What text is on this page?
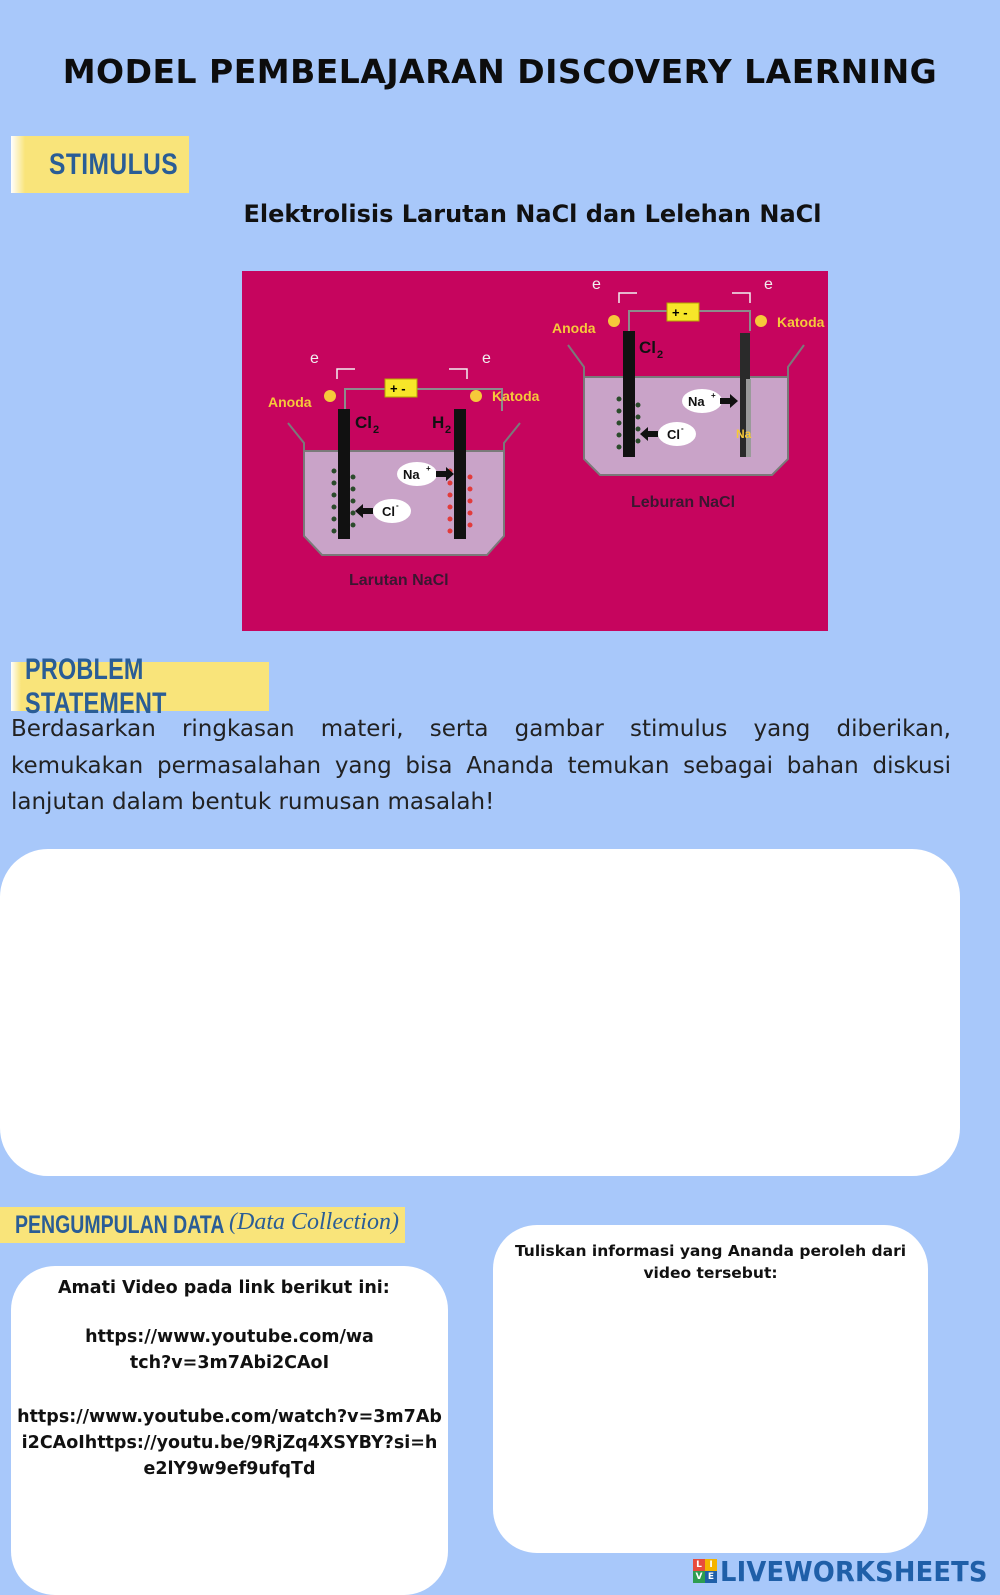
MODEL PEMBELAJARAN DISCOVERY LAERNING
STIMULUS
Elektrolisis Larutan NaCl dan Lelehan NaCl
+ -
Anoda	Katoda
e	e
Cl 2	H 2
Na +
Cl -
Larutan NaCl
+ -
Anoda	Katoda
e	e
Cl 2
Na +
Cl -	Na
Leburan NaCl
PROBLEM STATEMENT
Berdasarkan ringkasan materi, serta gambar stimulus yang diberikan, kemukakan permasalahan yang bisa Ananda temukan sebagai bahan diskusi lanjutan dalam bentuk rumusan masalah!
PENGUMPULAN DATA (Data Collection)
Amati Video pada link berikut ini:
https://www.youtube.com/watch?v=3m7Abi2CAoI
https://www.youtube.com/watch?v=3m7Abi2CAoIhttps://youtu.be/9RjZq4XSYBY?si=he2lY9w9ef9ufqTd
Tuliskan informasi yang Ananda peroleh dari video tersebut:
L I
V E LIVEWORKSHEETS
